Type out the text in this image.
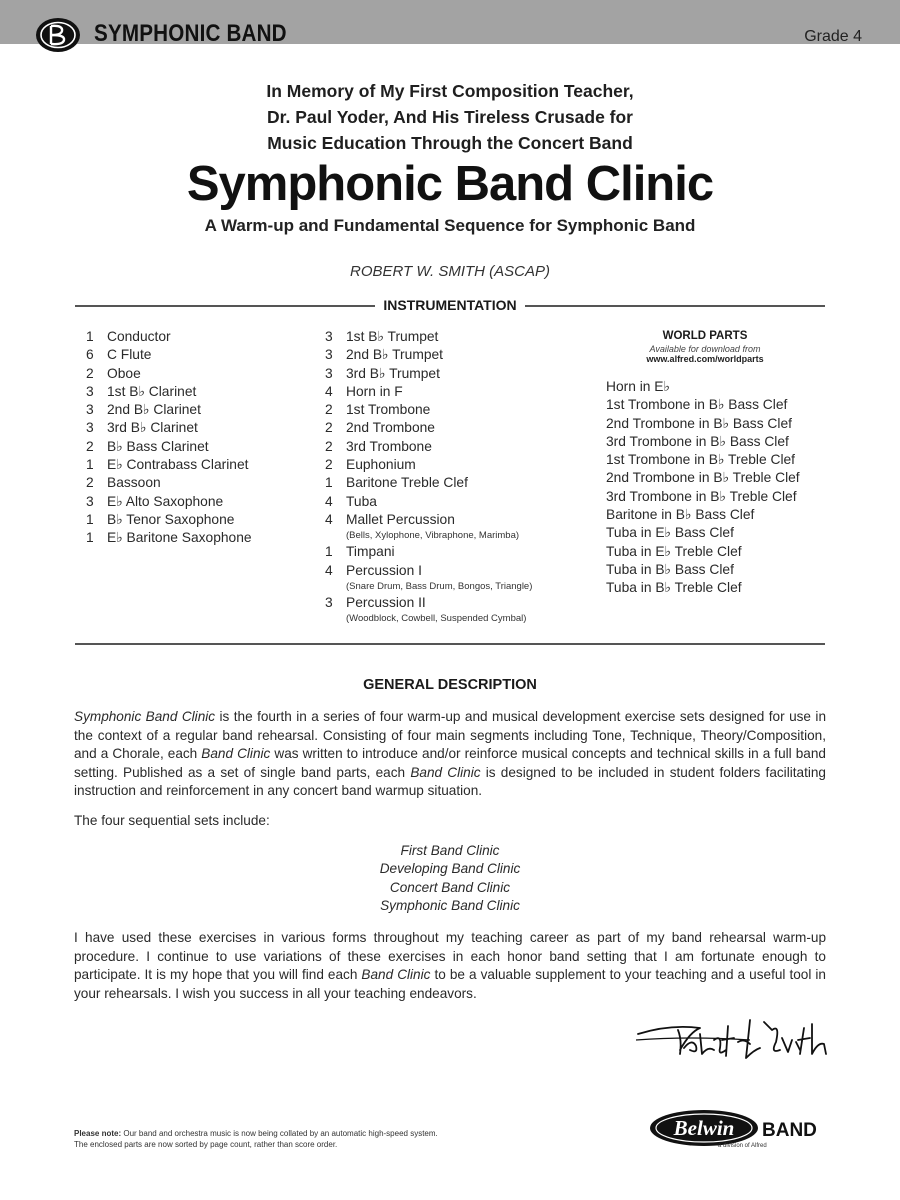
SYMPHONIC BAND	Grade 4
In Memory of My First Composition Teacher,
Dr. Paul Yoder, And His Tireless Crusade for
Music Education Through the Concert Band
Symphonic Band Clinic
A Warm-up and Fundamental Sequence for Symphonic Band
ROBERT W. SMITH (ASCAP)
INSTRUMENTATION
1 Conductor
6 C Flute
2 Oboe
3 1st B♭ Clarinet
3 2nd B♭ Clarinet
3 3rd B♭ Clarinet
2 B♭ Bass Clarinet
1 E♭ Contrabass Clarinet
2 Bassoon
3 E♭ Alto Saxophone
1 B♭ Tenor Saxophone
1 E♭ Baritone Saxophone
3 1st B♭ Trumpet
3 2nd B♭ Trumpet
3 3rd B♭ Trumpet
4 Horn in F
2 1st Trombone
2 2nd Trombone
2 3rd Trombone
2 Euphonium
1 Baritone Treble Clef
4 Tuba
4 Mallet Percussion
(Bells, Xylophone, Vibraphone, Marimba)
1 Timpani
4 Percussion I
(Snare Drum, Bass Drum, Bongos, Triangle)
3 Percussion II
(Woodblock, Cowbell, Suspended Cymbal)
WORLD PARTS
Available for download from
www.alfred.com/worldparts
Horn in E♭
1st Trombone in B♭ Bass Clef
2nd Trombone in B♭ Bass Clef
3rd Trombone in B♭ Bass Clef
1st Trombone in B♭ Treble Clef
2nd Trombone in B♭ Treble Clef
3rd Trombone in B♭ Treble Clef
Baritone in B♭ Bass Clef
Tuba in E♭ Bass Clef
Tuba in E♭ Treble Clef
Tuba in B♭ Bass Clef
Tuba in B♭ Treble Clef
GENERAL DESCRIPTION

Symphonic Band Clinic is the fourth in a series of four warm-up and musical development exercise sets designed for use in the context of a regular band rehearsal. Consisting of four main segments including Tone, Technique, Theory/Composition, and a Chorale, each Band Clinic was written to introduce and/or reinforce musical concepts and technical skills in a full band setting. Published as a set of single band parts, each Band Clinic is designed to be included in student folders facilitating instruction and reinforcement in any concert band warmup situation.

The four sequential sets include:

First Band Clinic
Developing Band Clinic
Concert Band Clinic
Symphonic Band Clinic

I have used these exercises in various forms throughout my teaching career as part of my band rehearsal warm-up procedure. I continue to use variations of these exercises in each honor band setting that I am fortunate enough to participate. It is my hope that you will find each Band Clinic to be a valuable supplement to your teaching and a useful tool in your rehearsals. I wish you success in all your teaching endeavors.

Please note: Our band and orchestra music is now being collated by an automatic high-speed system.
The enclosed parts are now sorted by page count, rather than score order.
Belwin BAND
a division of Alfred
